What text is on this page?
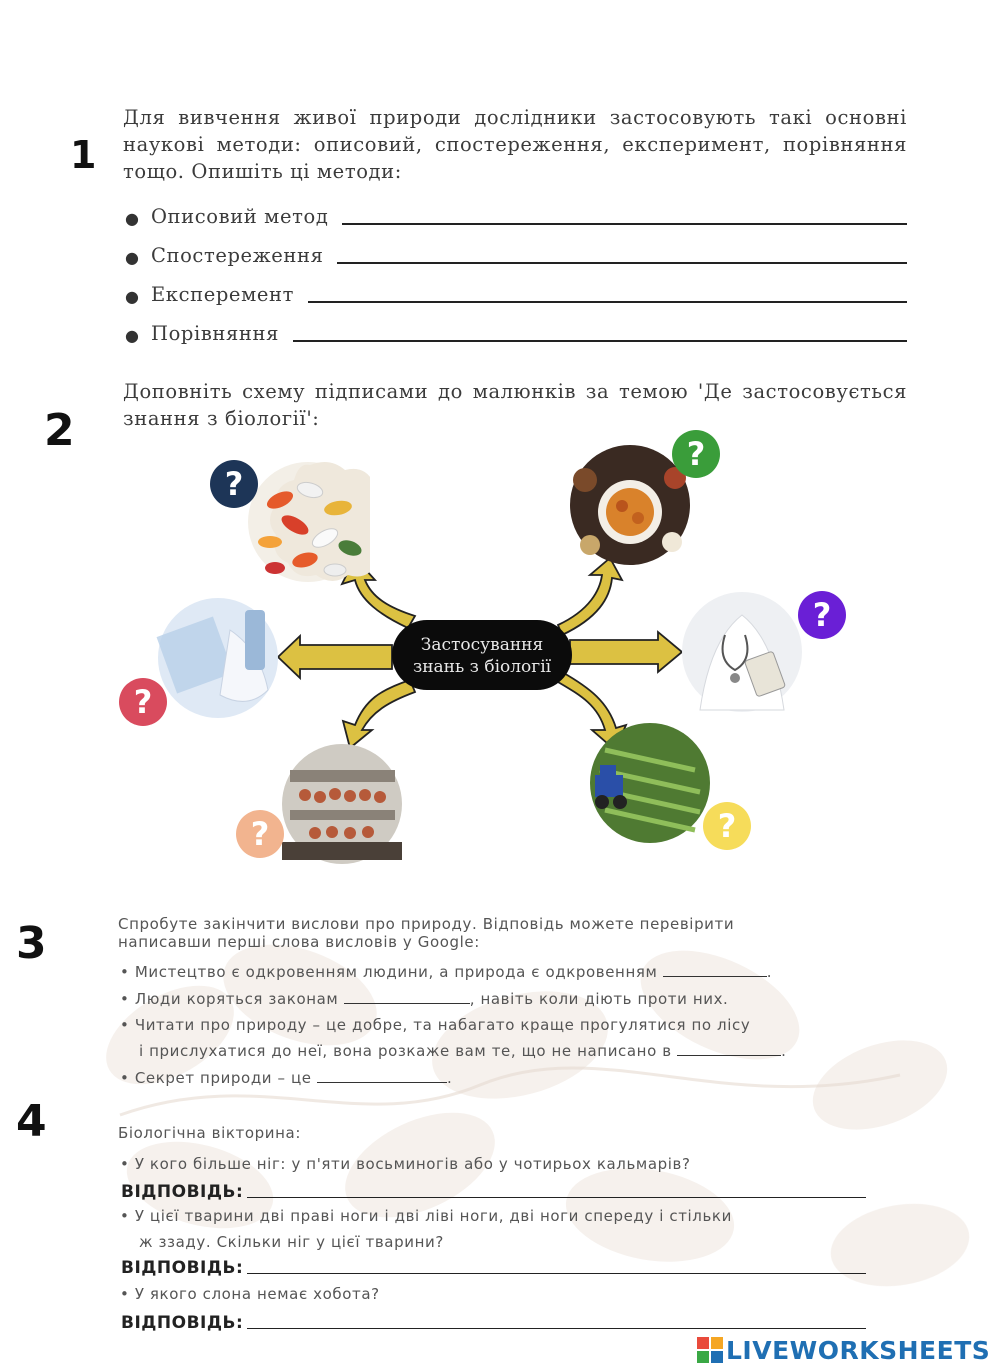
1
2
3
4

Для вивчення живої природи дослідники застосовують такі основні наукові методи: описовий, спостереження, експеримент, порівняння тощо. Опишіть ці методи:

● Описовий метод
● Спостереження
● Експеремент
● Порівняння

Доповніть схему підписами до малюнків за темою 'Де застосовується знання з біології':

Застосування
знань з біології
?
?
?
?
?	?
Спробуте закінчити вислови про природу. Відповідь можете перевірити
написавши перші слова висловів у Google:
• Мистецтво є одкровенням людини, а природа є одкровенням	.
• Люди коряться законам	, навіть коли діють проти них.
• Читати про природу – це добре, та набагато краще прогулятися по лісу
і прислухатися до неї, вона розкаже вам те, що не написано в	.
• Секрет природи – це	.
Біологічна вікторина:
• У кого більше ніг: у п'яти восьминогів або у чотирьох кальмарів?
ВІДПОВІДЬ:
• У цієї тварини дві праві ноги і дві ліві ноги, дві ноги спереду і стільки
ж ззаду. Скільки ніг у цієї тварини?
ВІДПОВІДЬ:
• У якого слона немає хобота?
ВІДПОВІДЬ:
LIVEWORKSHEETS
